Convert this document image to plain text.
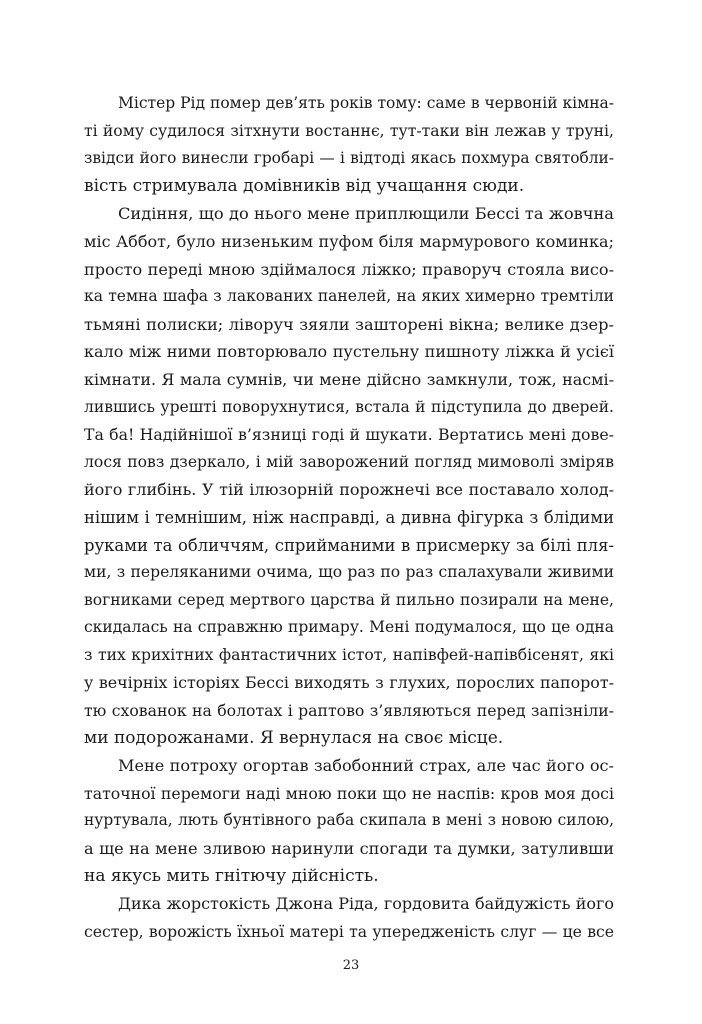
Містер Рід помер дев’ять років тому: саме в червоній кімна-
ті йому судилося зітхнути востаннє, тут-таки він лежав у труні,
звідси його винесли гробарі — і відтоді якась похмура святобли-
вість стримувала домівників від учащання сюди.
Сидіння, що до нього мене приплющили Бессі та жовчна
міс Аббот, було низеньким пуфом біля мармурового коминка;
просто переді мною здіймалося ліжко; праворуч стояла висо-
ка темна шафа з лакованих панелей, на яких химерно тремтіли
тьмяні полиски; ліворуч зяяли зашторені вікна; велике дзер-
кало між ними повторювало пустельну пишноту ліжка й усієї
кімнати. Я мала сумнів, чи мене дійсно замкнули, тож, насмі-
лившись урешті поворухнутися, встала й підступила до дверей.
Та ба! Надійнішої в’язниці годі й шукати. Вертатись мені дове-
лося повз дзеркало, і мій заворожений погляд мимоволі зміряв
його глибінь. У тій ілюзорній порожнечі все поставало холод-
нішим і темнішим, ніж насправді, а дивна фігурка з блідими
руками та обличчям, сприйманими в присмерку за білі пля-
ми, з переляканими очима, що раз по раз спалахували живими
вогниками серед мертвого царства й пильно позирали на мене,
скидалась на справжню примару. Мені подумалося, що це одна
з тих крихітних фантастичних істот, напівфей-напівбісенят, які
у вечірніх історіях Бессі виходять з глухих, порослих папорот-
тю схованок на болотах і раптово з’являються перед запізніли-
ми подорожанами. Я вернулася на своє місце.
Мене потроху огортав забобонний страх, але час його ос-
таточної перемоги наді мною поки що не наспів: кров моя досі
нуртувала, лють бунтівного раба скипала в мені з новою силою,
а ще на мене зливою наринули спогади та думки, затуливши
на якусь мить гнітючу дійсність.
Дика жорстокість Джона Ріда, гордовита байдужість його
сестер, ворожість їхньої матері та упередженість слуг — це все
23
